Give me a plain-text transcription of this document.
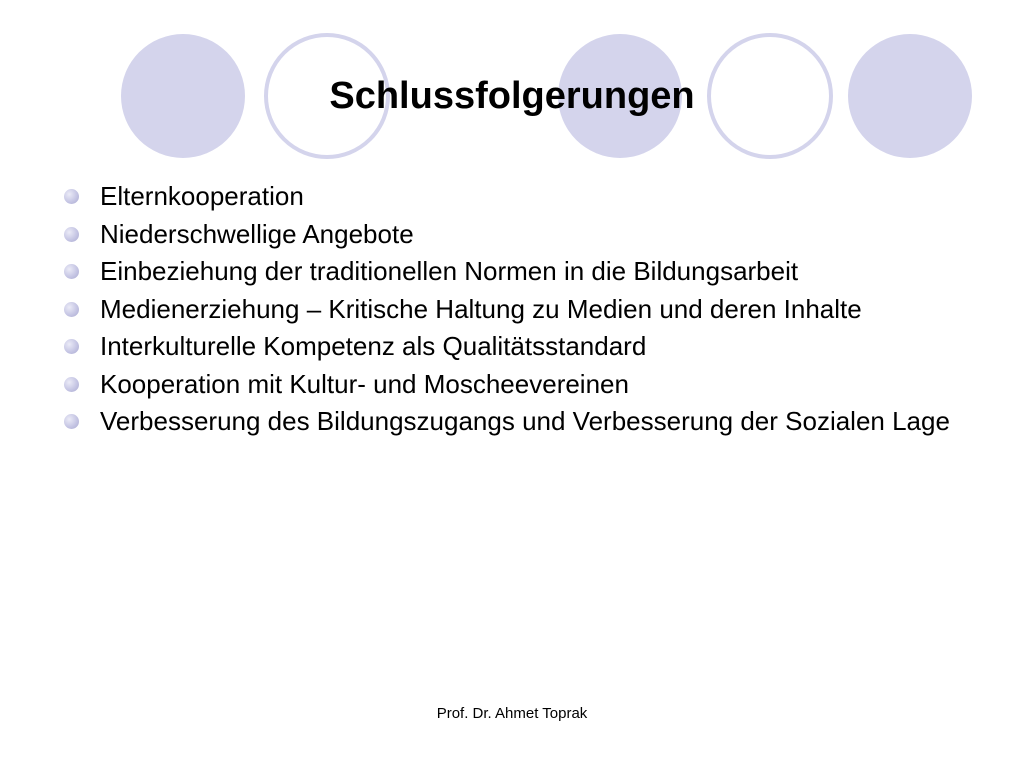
Schlussfolgerungen
Elternkooperation
Niederschwellige Angebote
Einbeziehung der traditionellen Normen in die Bildungsarbeit
Medienerziehung – Kritische Haltung zu Medien und deren Inhalte
Interkulturelle Kompetenz als Qualitätsstandard
Kooperation mit Kultur- und Moscheevereinen
Verbesserung des Bildungszugangs und Verbesserung der Sozialen Lage
Prof. Dr. Ahmet Toprak
